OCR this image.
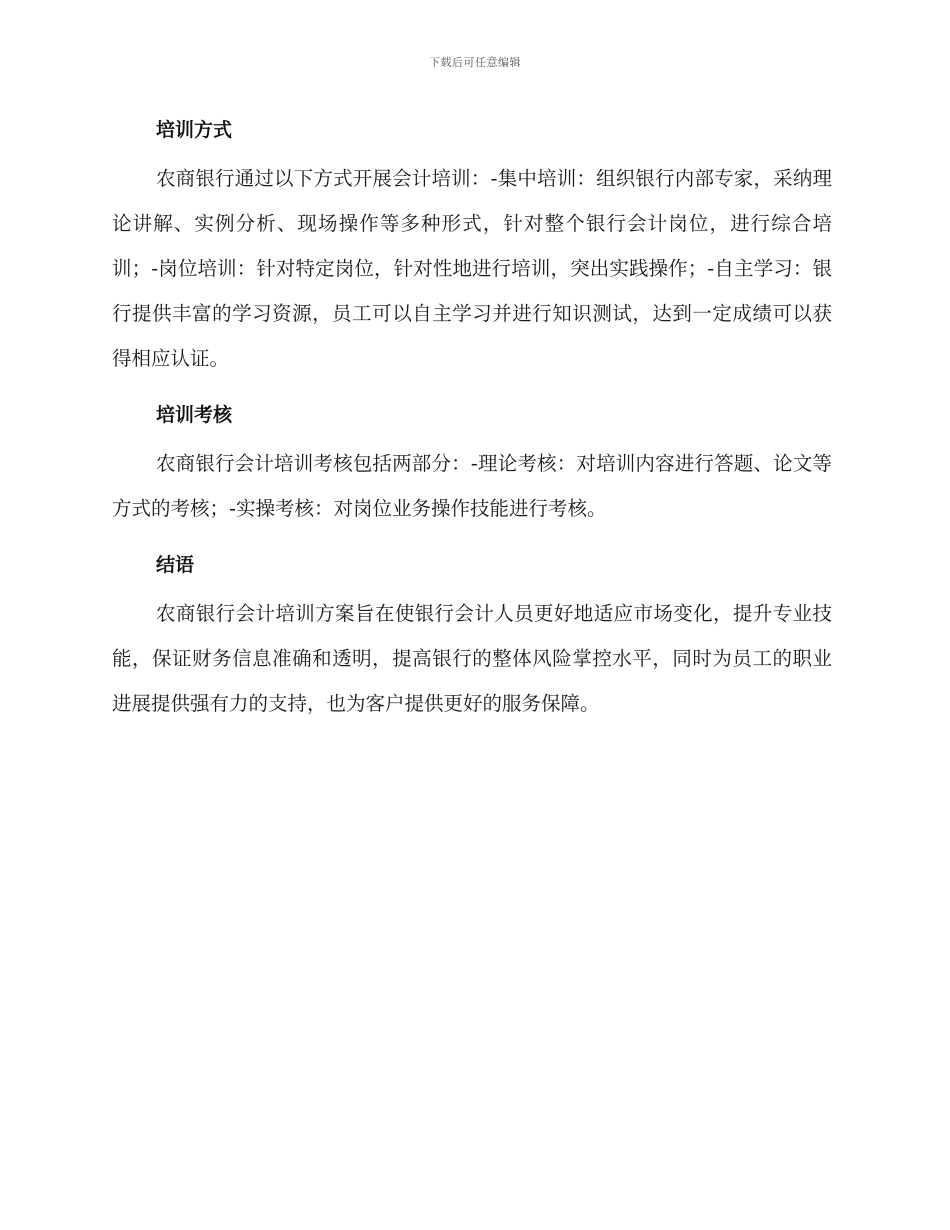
下载后可任意编辑
培训方式

农商银行通过以下方式开展会计培训：-集中培训：组织银行内部专家，采纳理论讲解、实例分析、现场操作等多种形式，针对整个银行会计岗位，进行综合培训；-岗位培训：针对特定岗位，针对性地进行培训，突出实践操作；-自主学习：银行提供丰富的学习资源，员工可以自主学习并进行知识测试，达到一定成绩可以获得相应认证。

培训考核

农商银行会计培训考核包括两部分：-理论考核：对培训内容进行答题、论文等方式的考核；-实操考核：对岗位业务操作技能进行考核。

结语

农商银行会计培训方案旨在使银行会计人员更好地适应市场变化，提升专业技能，保证财务信息准确和透明，提高银行的整体风险掌控水平，同时为员工的职业进展提供强有力的支持，也为客户提供更好的服务保障。
